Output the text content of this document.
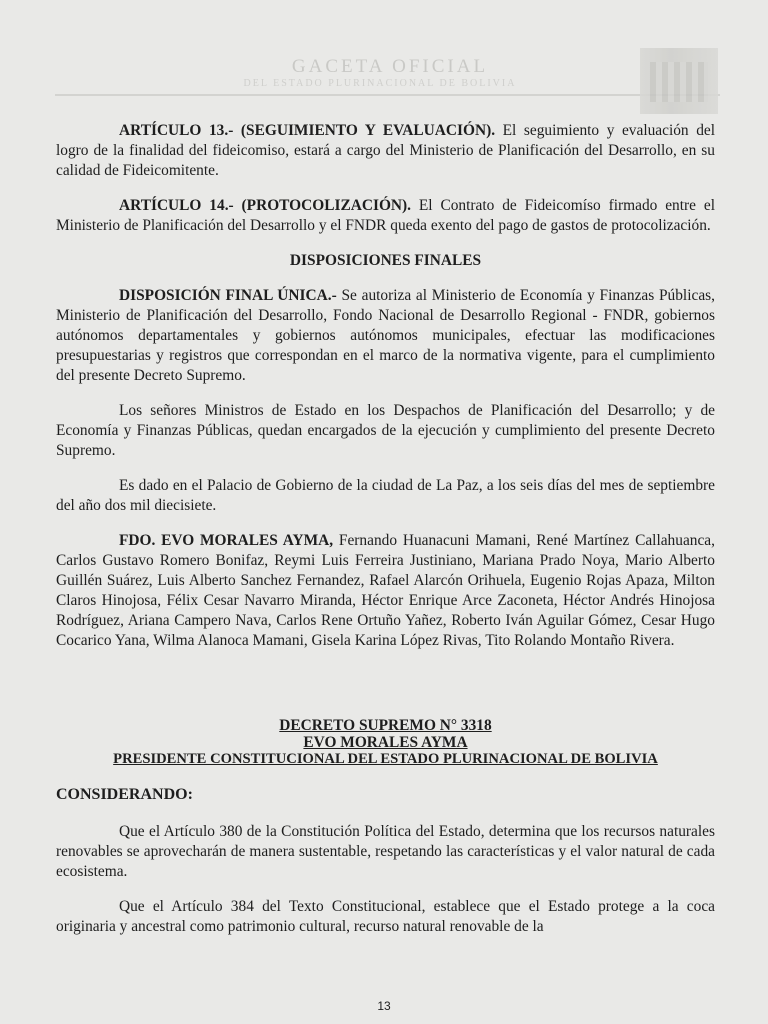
GACETA OFICIAL
DEL ESTADO PLURINACIONAL DE BOLIVIA

ARTÍCULO 13.- (SEGUIMIENTO Y EVALUACIÓN). El seguimiento y evaluación del logro de la finalidad del fideicomiso, estará a cargo del Ministerio de Planificación del Desarrollo, en su calidad de Fideicomitente.

ARTÍCULO 14.- (PROTOCOLIZACIÓN). El Contrato de Fideicomíso firmado entre el Ministerio de Planificación del Desarrollo y el FNDR queda exento del pago de gastos de protocolización.

DISPOSICIONES FINALES

DISPOSICIÓN FINAL ÚNICA.- Se autoriza al Ministerio de Economía y Finanzas Públicas, Ministerio de Planificación del Desarrollo, Fondo Nacional de Desarrollo Regional - FNDR, gobiernos autónomos departamentales y gobiernos autónomos municipales, efectuar las modificaciones presupuestarias y registros que correspondan en el marco de la normativa vigente, para el cumplimiento del presente Decreto Supremo.

Los señores Ministros de Estado en los Despachos de Planificación del Desarrollo; y de Economía y Finanzas Públicas, quedan encargados de la ejecución y cumplimiento del presente Decreto Supremo.

Es dado en el Palacio de Gobierno de la ciudad de La Paz, a los seis días del mes de septiembre del año dos mil diecisiete.

FDO. EVO MORALES AYMA, Fernando Huanacuni Mamani, René Martínez Callahuanca, Carlos Gustavo Romero Bonifaz, Reymi Luis Ferreira Justiniano, Mariana Prado Noya, Mario Alberto Guillén Suárez, Luis Alberto Sanchez Fernandez, Rafael Alarcón Orihuela, Eugenio Rojas Apaza, Milton Claros Hinojosa, Félix Cesar Navarro Miranda, Héctor Enrique Arce Zaconeta, Héctor Andrés Hinojosa Rodríguez, Ariana Campero Nava, Carlos Rene Ortuño Yañez, Roberto Iván Aguilar Gómez, Cesar Hugo Cocarico Yana, Wilma Alanoca Mamani, Gisela Karina López Rivas, Tito Rolando Montaño Rivera.

DECRETO SUPREMO N° 3318

EVO MORALES AYMA

PRESIDENTE CONSTITUCIONAL DEL ESTADO PLURINACIONAL DE BOLIVIA

CONSIDERANDO:

Que el Artículo 380 de la Constitución Política del Estado, determina que los recursos naturales renovables se aprovecharán de manera sustentable, respetando las características y el valor natural de cada ecosistema.

Que el Artículo 384 del Texto Constitucional, establece que el Estado protege a la coca originaria y ancestral como patrimonio cultural, recurso natural renovable de la

13
